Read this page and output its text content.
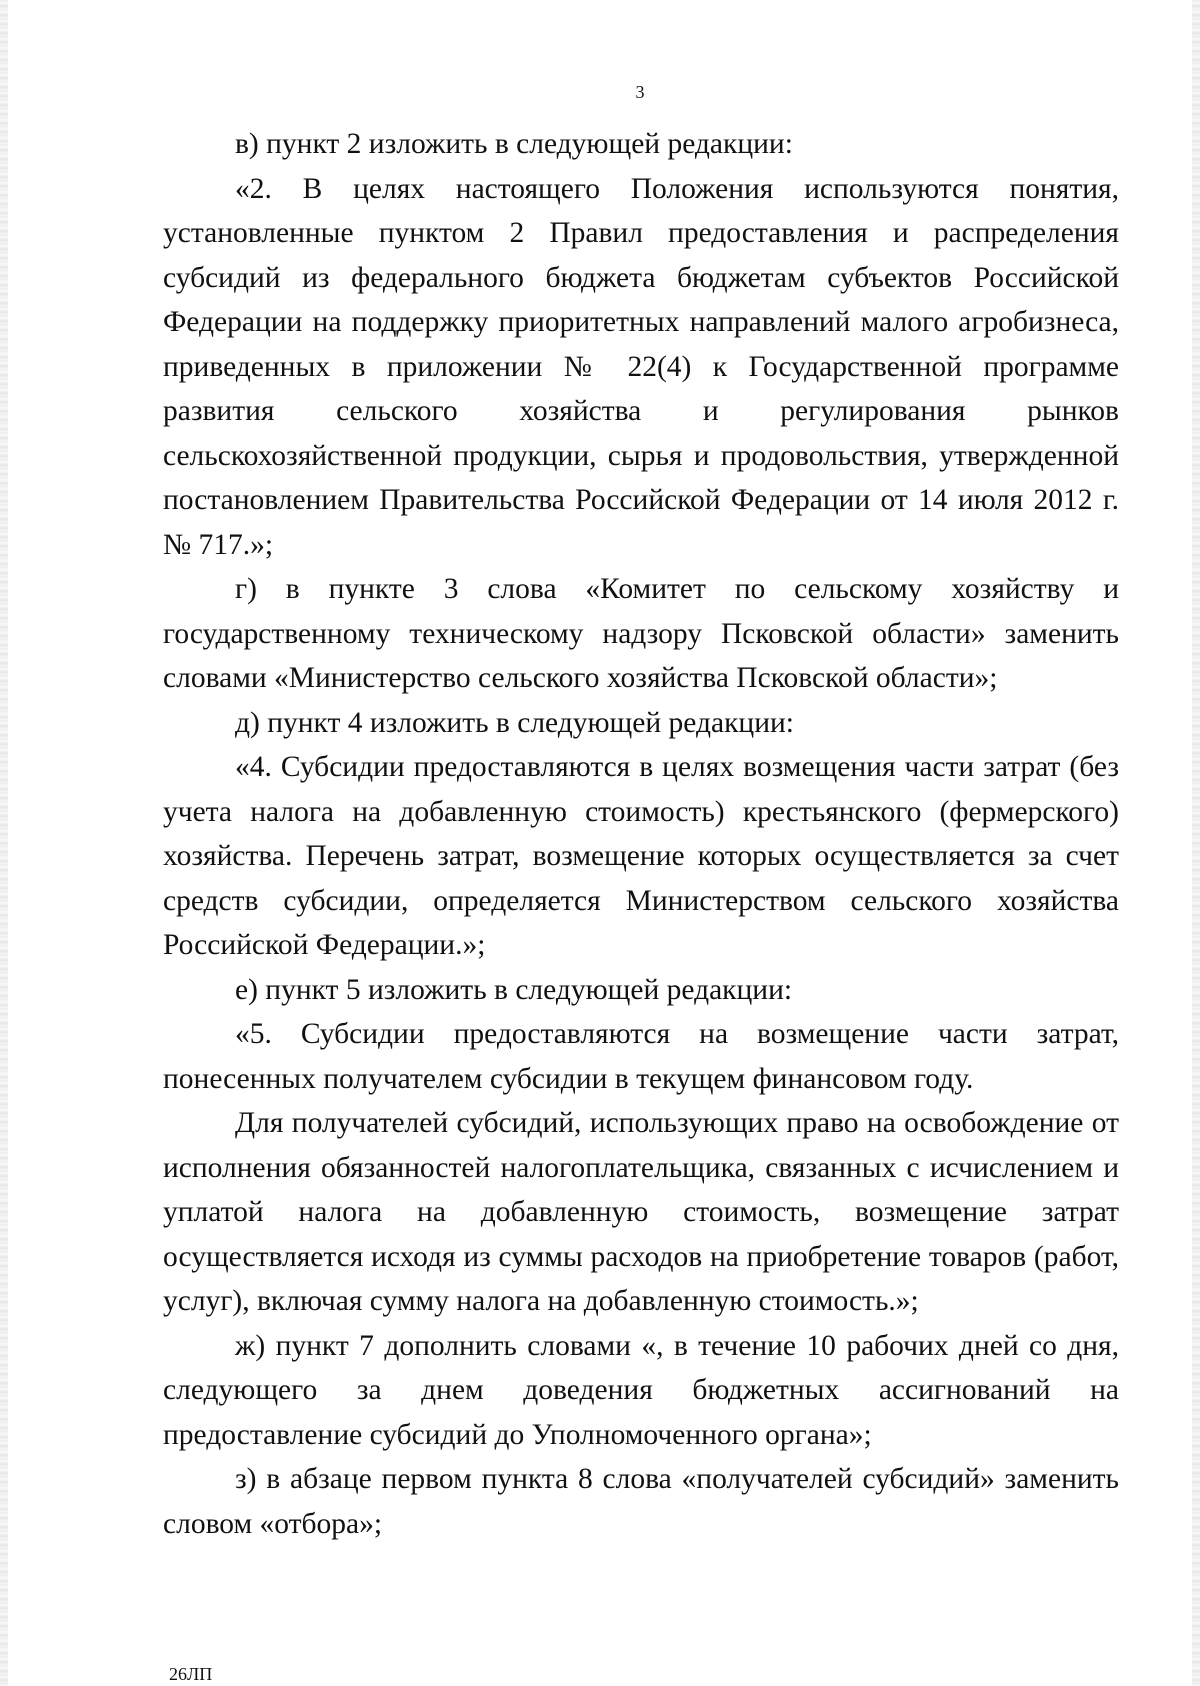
3

в) пункт 2 изложить в следующей редакции:

«2. В целях настоящего Положения используются понятия, установленные пунктом 2 Правил предоставления и распределения субсидий из федерального бюджета бюджетам субъектов Российской Федерации на поддержку приоритетных направлений малого агробизнеса, приведенных в приложении № 22(4) к Государственной программе развития сельского хозяйства и регулирования рынков сельскохозяйственной продукции, сырья и продовольствия, утвержденной постановлением Правительства Российской Федерации от 14 июля 2012 г. № 717.»;

г) в пункте 3 слова «Комитет по сельскому хозяйству и государственному техническому надзору Псковской области» заменить словами «Министерство сельского хозяйства Псковской области»;

д) пункт 4 изложить в следующей редакции:

«4. Субсидии предоставляются в целях возмещения части затрат (без учета налога на добавленную стоимость) крестьянского (фермерского) хозяйства. Перечень затрат, возмещение которых осуществляется за счет средств субсидии, определяется Министерством сельского хозяйства Российской Федерации.»;

е) пункт 5 изложить в следующей редакции:

«5. Субсидии предоставляются на возмещение части затрат, понесенных получателем субсидии в текущем финансовом году.

Для получателей субсидий, использующих право на освобождение от исполнения обязанностей налогоплательщика, связанных с исчислением и уплатой налога на добавленную стоимость, возмещение затрат осуществляется исходя из суммы расходов на приобретение товаров (работ, услуг), включая сумму налога на добавленную стоимость.»;

ж) пункт 7 дополнить словами «, в течение 10 рабочих дней со дня, следующего за днем доведения бюджетных ассигнований на предоставление субсидий до Уполномоченного органа»;

з) в абзаце первом пункта 8 слова «получателей субсидий» заменить словом «отбора»;

26ЛП
